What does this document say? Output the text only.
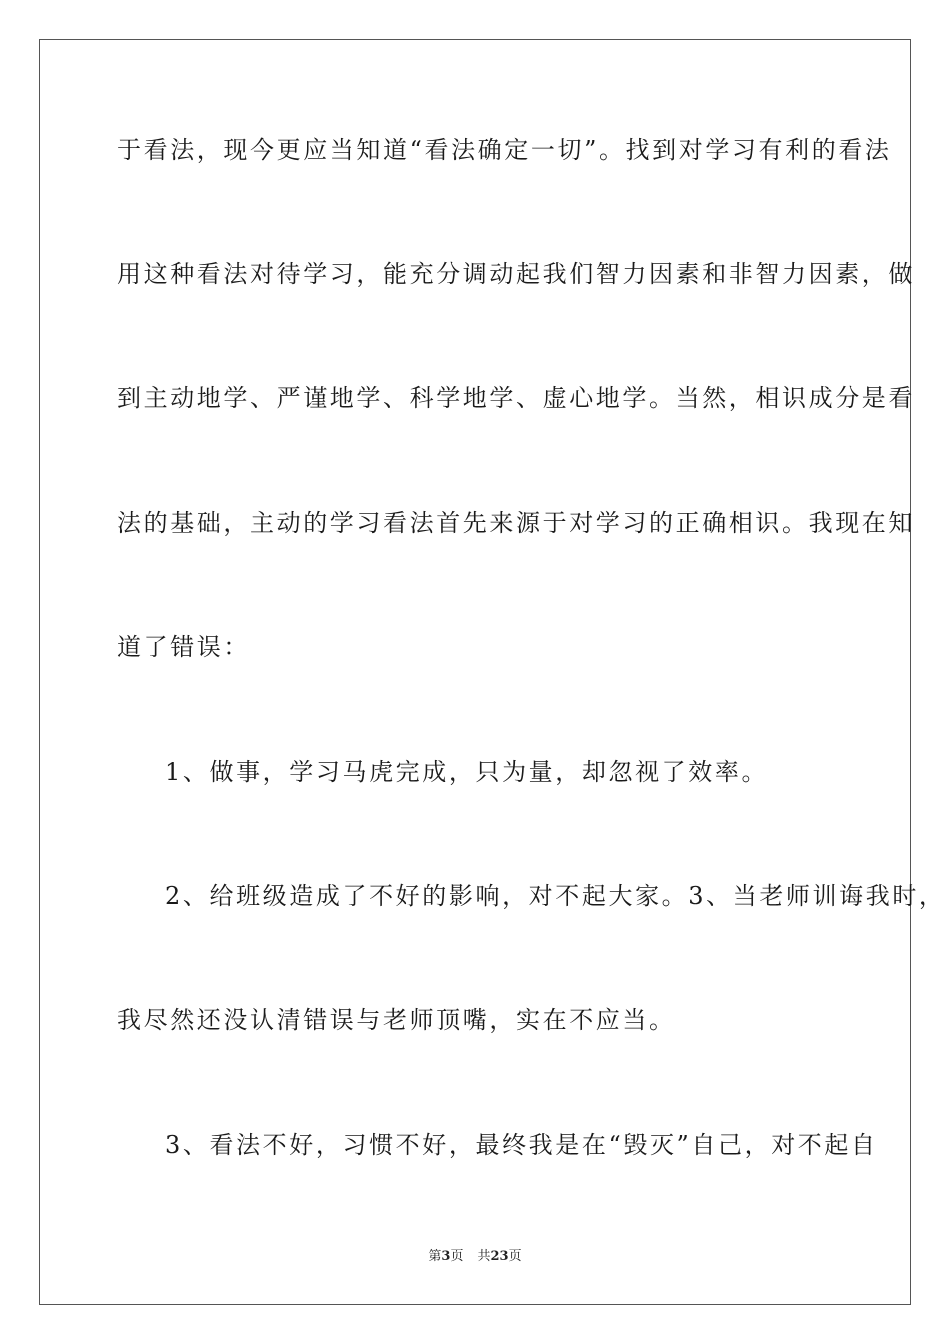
于看法，现今更应当知道“看法确定一切”。找到对学习有利的看法
用这种看法对待学习，能充分调动起我们智力因素和非智力因素，做
到主动地学、严谨地学、科学地学、虚心地学。当然，相识成分是看
法的基础，主动的学习看法首先来源于对学习的正确相识。我现在知
道了错误：
1、做事，学习马虎完成，只为量，却忽视了效率。
2、给班级造成了不好的影响，对不起大家。3、当老师训诲我时，
我尽然还没认清错误与老师顶嘴，实在不应当。
3、看法不好，习惯不好，最终我是在“毁灭”自己，对不起自
第3页 共23页
